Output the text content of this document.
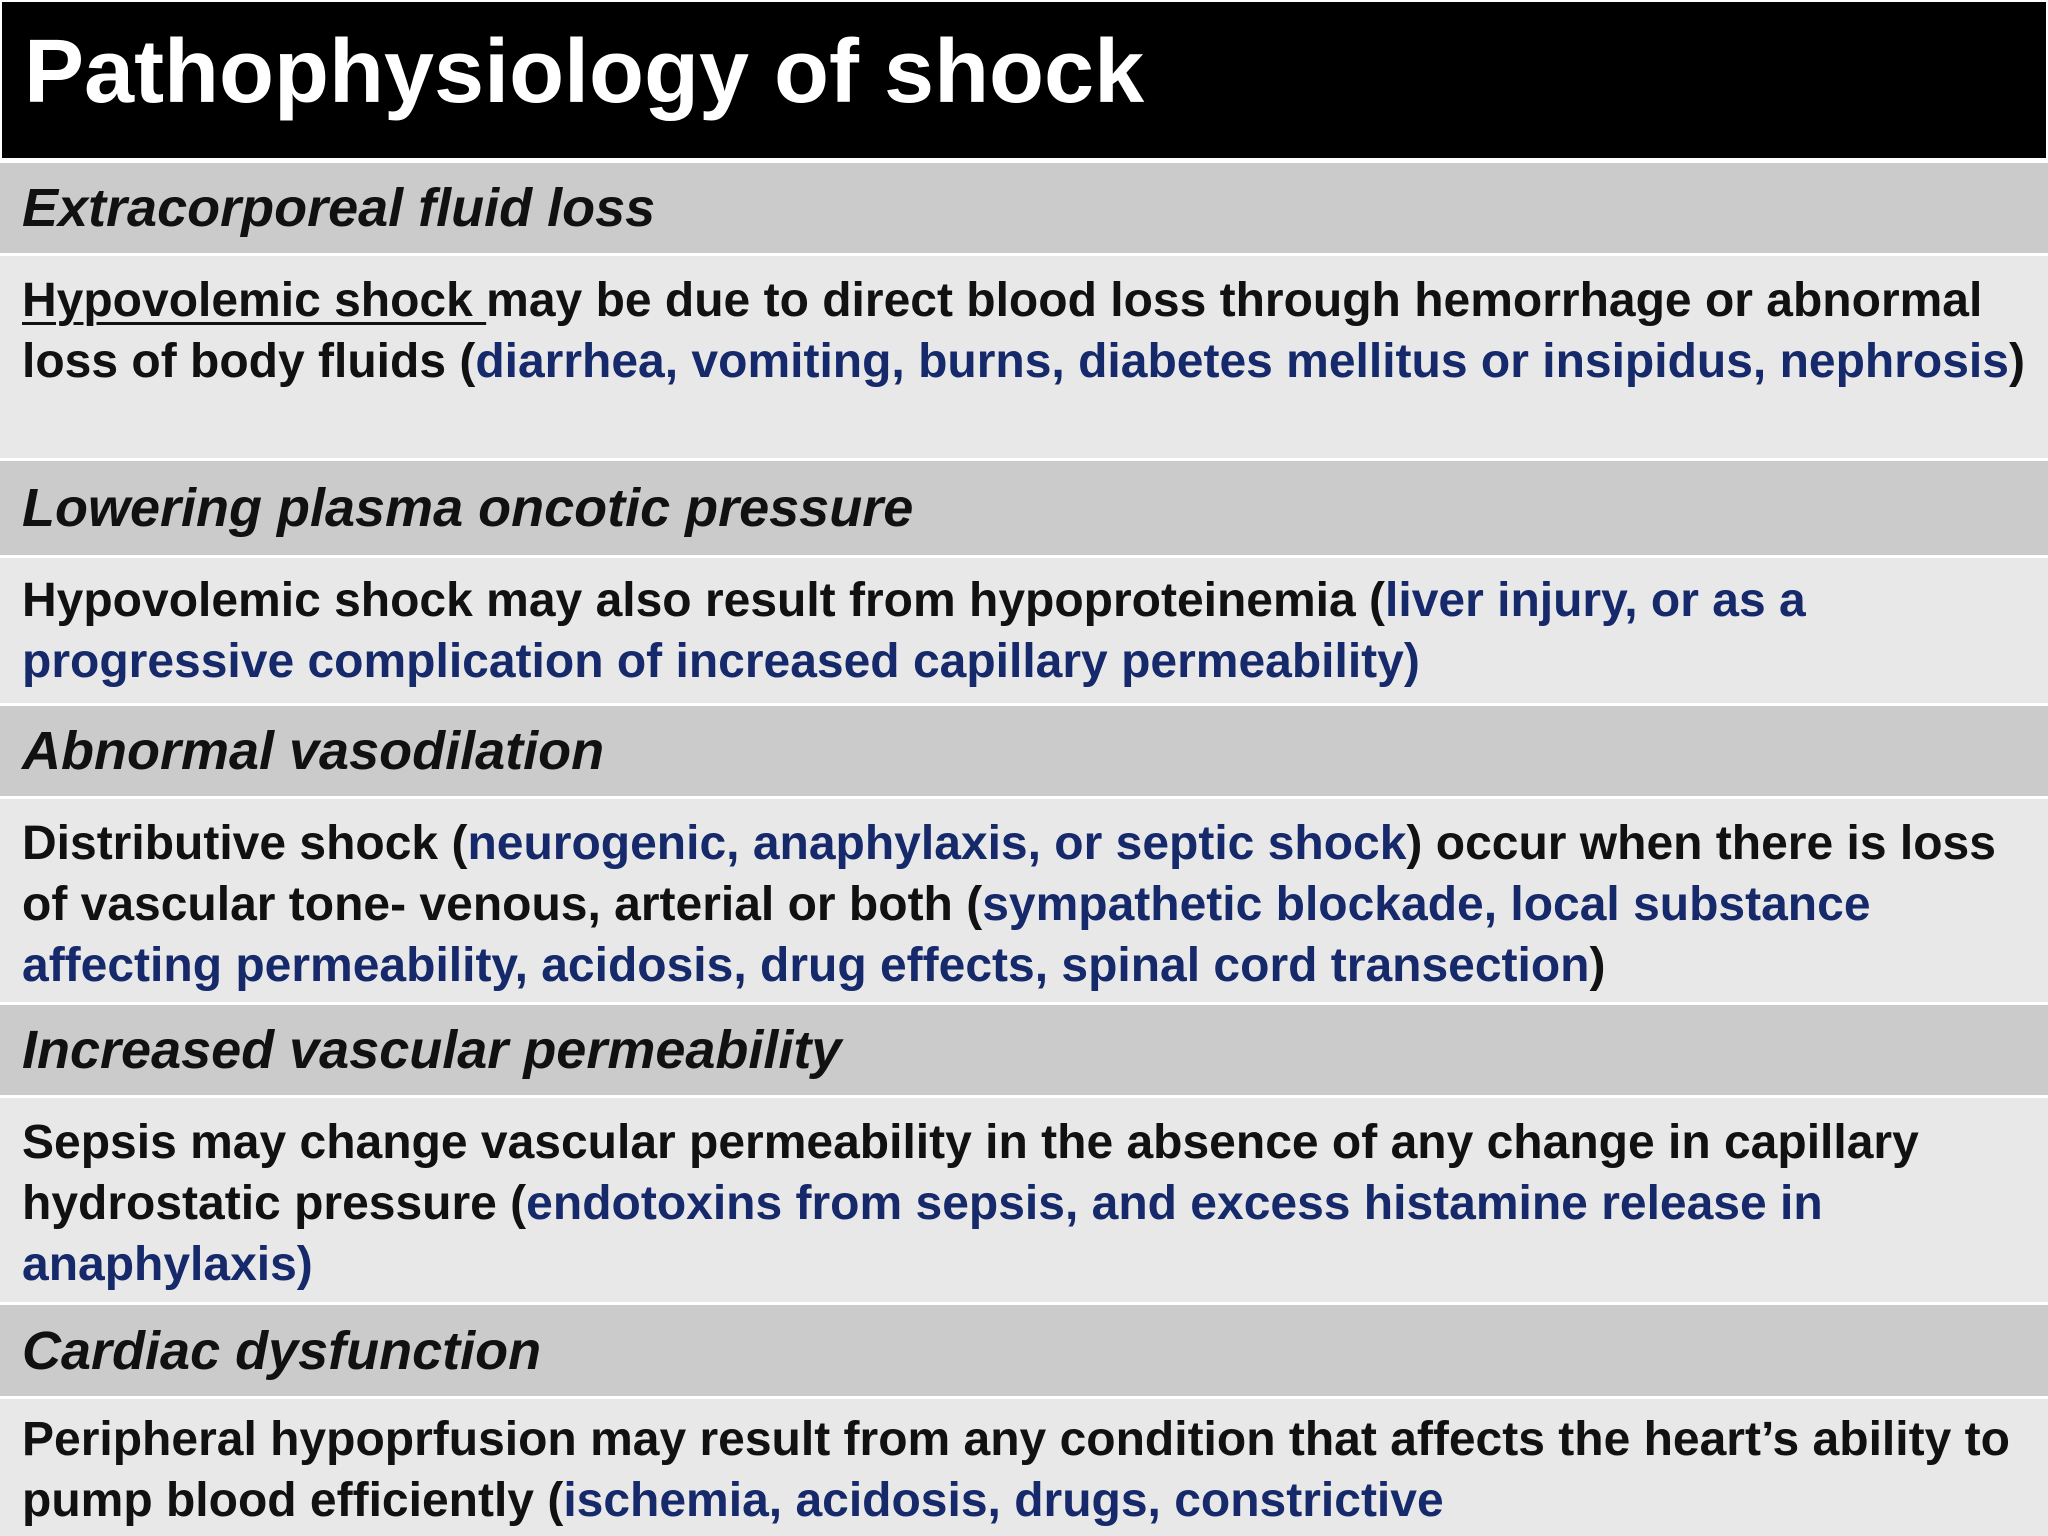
Pathophysiology of shock
Extracorporeal fluid loss
Hypovolemic shock may be due to direct blood loss through hemorrhage or abnormal loss of body fluids (diarrhea, vomiting, burns, diabetes mellitus or insipidus, nephrosis)
Lowering plasma oncotic pressure
Hypovolemic shock may also result from hypoproteinemia (liver injury, or as a progressive complication of increased capillary permeability)
Abnormal vasodilation
Distributive shock (neurogenic, anaphylaxis, or septic shock) occur when there is loss of vascular tone- venous, arterial or both (sympathetic blockade, local substance affecting permeability, acidosis, drug effects, spinal cord transection)
Increased vascular permeability
Sepsis may change vascular permeability in the absence of any change in capillary hydrostatic pressure (endotoxins from sepsis, and excess histamine release in anaphylaxis)
Cardiac dysfunction
Peripheral hypoprfusion may result from any condition that affects the heart’s ability to pump blood efficiently (ischemia, acidosis, drugs, constrictive
